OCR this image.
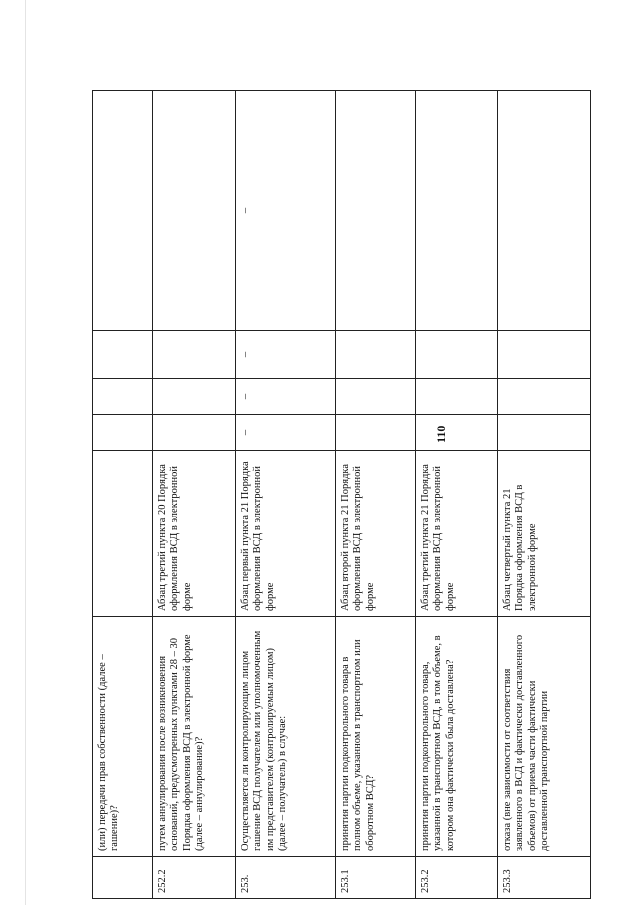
110
	(или) передачи прав собственности (далее – гашение)?					
252.2	путем аннулирования после возникновения оснований, предусмотренных пунктами 28 – 30 Порядка оформления ВСД в электронной форме (далее – аннулирование)?	Абзац третий пункта 20 Порядка оформления ВСД в электронной форме				
253.	Осуществляется ли контролирующим лицом гашение ВСД получателем или уполномоченным им представителем (контролируемым лицом) (далее – получатель) в случае:	Абзац первый пункта 21 Порядка оформления ВСД в электронной форме	–	–	–	–
253.1	принятия партии подконтрольного товара в полном объеме, указанном в транспортном или оборотном ВСД?	Абзац второй пункта 21 Порядка оформления ВСД в электронной форме				
253.2	принятия партии подконтрольного товара, указанной в транспортном ВСД, в том объеме, в котором она фактически была доставлена?	Абзац третий пункта 21 Порядка оформления ВСД в электронной форме				
253.3	отказа (вне зависимости от соответствия заявленного в ВСД и фактически доставленного объемов) от приема части фактически доставленной транспортной партии	Абзац четвертый пункта 21 Порядка оформления ВСД в электронной форме				
